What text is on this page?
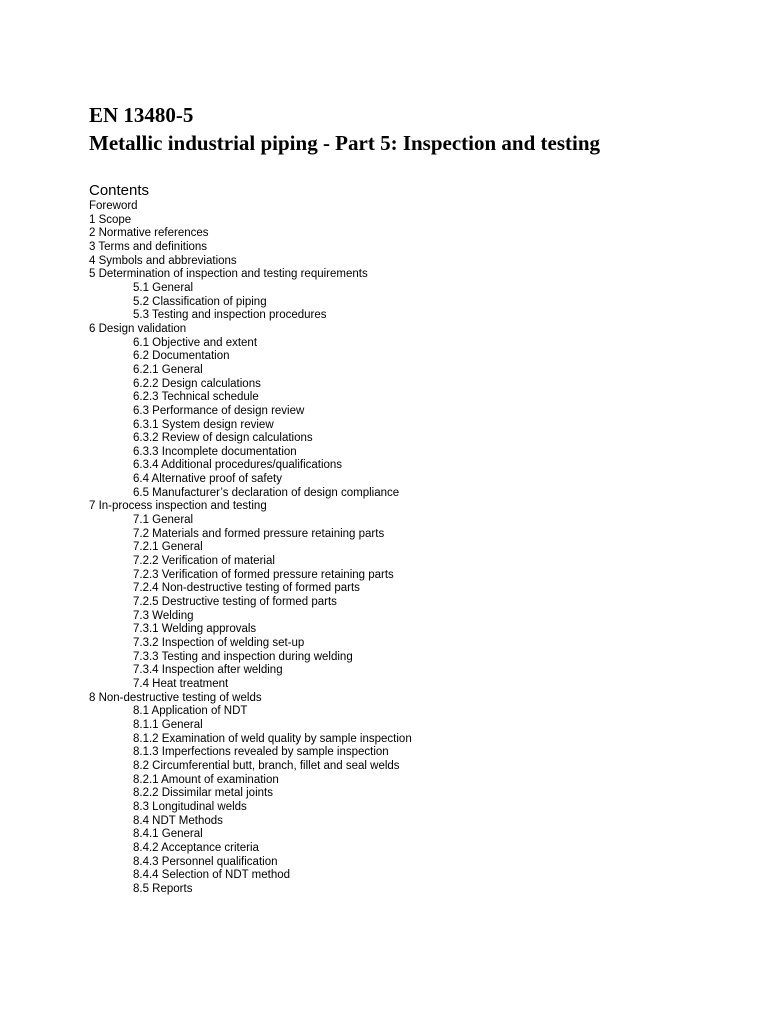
EN 13480-5
Metallic industrial piping - Part 5: Inspection and testing
Contents
Foreword
1 Scope
2 Normative references
3 Terms and definitions
4 Symbols and abbreviations
5 Determination of inspection and testing requirements
5.1 General
5.2 Classification of piping
5.3 Testing and inspection procedures
6 Design validation
6.1 Objective and extent
6.2 Documentation
6.2.1 General
6.2.2 Design calculations
6.2.3 Technical schedule
6.3 Performance of design review
6.3.1 System design review
6.3.2 Review of design calculations
6.3.3 Incomplete documentation
6.3.4 Additional procedures/qualifications
6.4 Alternative proof of safety
6.5 Manufacturer’s declaration of design compliance
7 In-process inspection and testing
7.1 General
7.2 Materials and formed pressure retaining parts
7.2.1 General
7.2.2 Verification of material
7.2.3 Verification of formed pressure retaining parts
7.2.4 Non-destructive testing of formed parts
7.2.5 Destructive testing of formed parts
7.3 Welding
7.3.1 Welding approvals
7.3.2 Inspection of welding set-up
7.3.3 Testing and inspection during welding
7.3.4 Inspection after welding
7.4 Heat treatment
8 Non-destructive testing of welds
8.1 Application of NDT
8.1.1 General
8.1.2 Examination of weld quality by sample inspection
8.1.3 Imperfections revealed by sample inspection
8.2 Circumferential butt, branch, fillet and seal welds
8.2.1 Amount of examination
8.2.2 Dissimilar metal joints
8.3 Longitudinal welds
8.4 NDT Methods
8.4.1 General
8.4.2 Acceptance criteria
8.4.3 Personnel qualification
8.4.4 Selection of NDT method
8.5 Reports
